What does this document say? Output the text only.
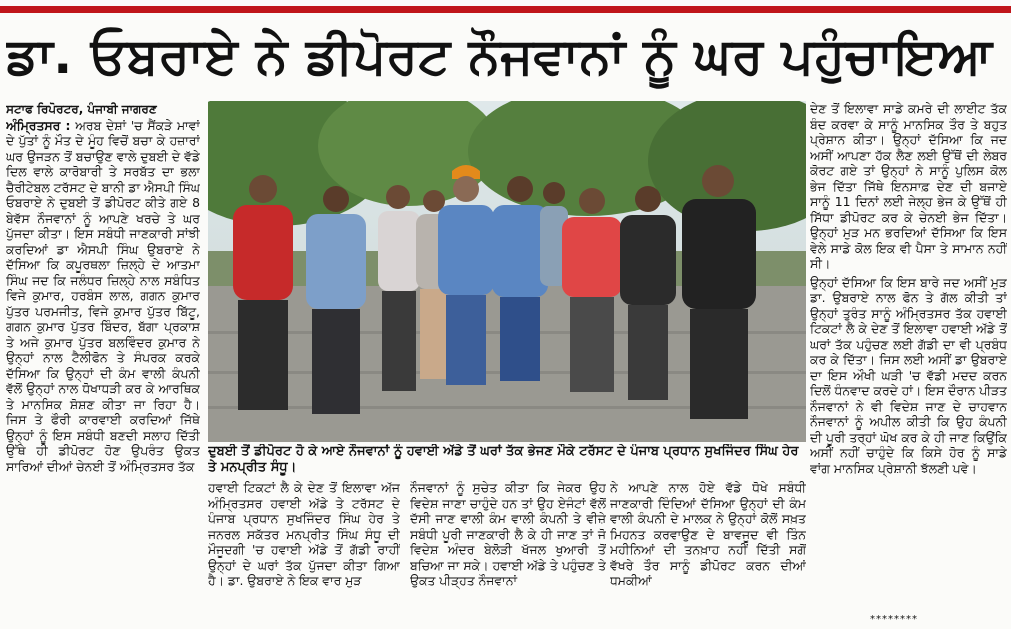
ਡਾ. ਓਬਰਾਏ ਨੇ ਡੀਪੋਰਟ ਨੌਜਵਾਨਾਂ ਨੂੰ ਘਰ ਪਹੁੰਚਾਇਆ

ਸਟਾਫ ਰਿਪੋਰਟਰ, ਪੰਜਾਬੀ ਜਾਗਰਣ
ਅੰਮ੍ਰਿਤਸਰ : ਅਰਬ ਦੇਸ਼ਾਂ 'ਚ ਸੈਂਕੜੇ ਮਾਵਾਂ ਦੇ ਪੁੱਤਾਂ ਨੂੰ ਮੌਤ ਦੇ ਮੂੰਹ ਵਿਚੋਂ ਬਚਾ ਕੇ ਹਜ਼ਾਰਾਂ ਘਰ ਉਜੜਨ ਤੋਂ ਬਚਾਉਣ ਵਾਲੇ ਦੁਬਈ ਦੇ ਵੱਡੇ ਦਿਲ ਵਾਲੇ ਕਾਰੋਬਾਰੀ ਤੇ ਸਰਬੱਤ ਦਾ ਭਲਾ ਚੈਰੀਟੇਬਲ ਟਰੱਸਟ ਦੇ ਬਾਨੀ ਡਾ ਐਸਪੀ ਸਿੰਘ ਓਬਰਾਏ ਨੇ ਦੁਬਈ ਤੋਂ ਡੀਪੋਰਟ ਕੀਤੇ ਗਏ 8 ਬੇਵੱਸ ਨੌਜਵਾਨਾਂ ਨੂੰ ਆਪਣੇ ਖਰਚੇ ਤੇ ਘਰ ਪੁੱਜਦਾ ਕੀਤਾ। ਇਸ ਸਬੰਧੀ ਜਾਣਕਾਰੀ ਸਾਂਝੀ ਕਰਦਿਆਂ ਡਾ ਐਸਪੀ ਸਿੰਘ ਉਬਰਾਏ ਨੇ ਦੱਸਿਆ ਕਿ ਕਪੂਰਥਲਾ ਜ਼ਿਲ੍ਹੇ ਦੇ ਆਤਮਾ ਸਿੰਘ ਜਦ ਕਿ ਜਲੰਧਰ ਜ਼ਿਲ੍ਹੇ ਨਾਲ ਸਬੰਧਿਤ ਵਿਜੇ ਕੁਮਾਰ, ਹਰਬੰਸ ਲਾਲ, ਗਗਨ ਕੁਮਾਰ ਪੁੱਤਰ ਪਰਮਜੀਤ, ਵਿਜੇ ਕੁਮਾਰ ਪੁੱਤਰ ਬਿੱਟੂ, ਗਗਨ ਕੁਮਾਰ ਪੁੱਤਰ ਬਿੰਦਰ, ਬੱਗਾ ਪ੍ਰਕਾਸ਼ ਤੇ ਅਜੇ ਕੁਮਾਰ ਪੁੱਤਰ ਬਲਵਿੰਦਰ ਕੁਮਾਰ ਨੇ ਉਨ੍ਹਾਂ ਨਾਲ ਟੈਲੀਫੋਨ ਤੇ ਸੰਪਰਕ ਕਰਕੇ ਦੱਸਿਆ ਕਿ ਉਨ੍ਹਾਂ ਦੀ ਕੰਮ ਵਾਲੀ ਕੰਪਨੀ ਵੱਲੋਂ ਉਨ੍ਹਾਂ ਨਾਲ ਧੋਖਾਧੜੀ ਕਰ ਕੇ ਆਰਥਿਕ ਤੇ ਮਾਨਸਿਕ ਸ਼ੋਸ਼ਣ ਕੀਤਾ ਜਾ ਰਿਹਾ ਹੈ। ਜਿਸ ਤੇ ਫੌਰੀ ਕਾਰਵਾਈ ਕਰਦਿਆਂ ਜਿੱਥੇ ਉਨ੍ਹਾਂ ਨੂੰ ਇਸ ਸਬੰਧੀ ਬਣਦੀ ਸਲਾਹ ਦਿੱਤੀ ਉੱਥੇ ਹੀ ਡੀਪੋਰਟ ਹੋਣ ਉਪਰੰਤ ਉਕਤ ਸਾਰਿਆਂ ਦੀਆਂ ਚੇਨਈ ਤੋਂ ਅੰਮ੍ਰਿਤਸਰ ਤੱਕ

ਦੁਬਈ ਤੋਂ ਡੀਪੋਰਟ ਹੋ ਕੇ ਆਏ ਨੌਜਵਾਨਾਂ ਨੂੰ ਹਵਾਈ ਅੱਡੇ ਤੋਂ ਘਰਾਂ ਤੱਕ ਭੇਜਣ ਮੌਕੇ ਟਰੱਸਟ ਦੇ ਪੰਜਾਬ ਪ੍ਰਧਾਨ ਸੁਖਜਿੰਦਰ ਸਿੰਘ ਹੇਰ ਤੇ ਮਨਪ੍ਰੀਤ ਸੰਧੂ।

ਹਵਾਈ ਟਿਕਟਾਂ ਲੈ ਕੇ ਦੇਣ ਤੋਂ ਇਲਾਵਾ ਅੱਜ ਅੰਮ੍ਰਿਤਸਰ ਹਵਾਈ ਅੱਡੇ ਤੇ ਟਰੱਸਟ ਦੇ ਪੰਜਾਬ ਪ੍ਰਧਾਨ ਸੁਖਜਿੰਦਰ ਸਿੰਘ ਹੇਰ ਤੇ ਜਨਰਲ ਸਕੱਤਰ ਮਨਪ੍ਰੀਤ ਸਿੰਘ ਸੰਧੂ ਦੀ ਮੌਜੂਦਗੀ 'ਚ ਹਵਾਈ ਅੱਡੇ ਤੋਂ ਗੱਡੀ ਰਾਹੀਂ ਉਨ੍ਹਾਂ ਦੇ ਘਰਾਂ ਤੱਕ ਪੁੱਜਦਾ ਕੀਤਾ ਗਿਆ ਹੈ। ਡਾ. ਉਬਰਾਏ ਨੇ ਇਕ ਵਾਰ ਮੁੜ

ਨੌਜਵਾਨਾਂ ਨੂੰ ਸੁਚੇਤ ਕੀਤਾ ਕਿ ਜੇਕਰ ਉਹ ਵਿਦੇਸ਼ ਜਾਣਾ ਚਾਹੁੰਦੇ ਹਨ ਤਾਂ ਉਹ ਏਜੰਟਾਂ ਵੱਲੋਂ ਦੱਸੀ ਜਾਣ ਵਾਲੀ ਕੰਮ ਵਾਲੀ ਕੰਪਨੀ ਤੇ ਵੀਜ਼ੇ ਸਬੰਧੀ ਪੂਰੀ ਜਾਣਕਾਰੀ ਲੈ ਕੇ ਹੀ ਜਾਣ ਤਾਂ ਜੋ ਵਿਦੇਸ਼ ਅੰਦਰ ਬੇਲੋੜੀ ਖੱਜਲ ਖੁਆਰੀ ਤੋਂ ਬਚਿਆ ਜਾ ਸਕੇ। ਹਵਾਈ ਅੱਡੇ ਤੇ ਪਹੁੰਚਣ ਤੇ ਉਕਤ ਪੀੜ੍ਹਤ ਨੌਜਵਾਨਾਂ

ਨੇ ਆਪਣੇ ਨਾਲ ਹੋਏ ਵੱਡੇ ਧੋਖੇ ਸਬੰਧੀ ਜਾਣਕਾਰੀ ਦਿੰਦਿਆਂ ਦੱਸਿਆ ਉਨ੍ਹਾਂ ਦੀ ਕੰਮ ਵਾਲੀ ਕੰਪਨੀ ਦੇ ਮਾਲਕ ਨੇ ਉਨ੍ਹਾਂ ਕੋਲੋਂ ਸਖ਼ਤ ਮਿਹਨਤ ਕਰਵਾਉਣ ਦੇ ਬਾਵਜੂਦ ਵੀ ਤਿੰਨ ਮਹੀਨਿਆਂ ਦੀ ਤਨਖ਼ਾਹ ਨਹੀਂ ਦਿੱਤੀ ਸਗੋਂ ਵੱਖਰੇ ਤੌਰ ਸਾਨੂੰ ਡੀਪੋਰਟ ਕਰਨ ਦੀਆਂ ਧਮਕੀਆਂ

ਦੇਣ ਤੋਂ ਇਲਾਵਾ ਸਾਡੇ ਕਮਰੇ ਦੀ ਲਾਈਟ ਤੱਕ ਬੰਦ ਕਰਵਾ ਕੇ ਸਾਨੂੰ ਮਾਨਸਿਕ ਤੌਰ ਤੇ ਬਹੁਤ ਪ੍ਰੇਸ਼ਾਨ ਕੀਤਾ। ਉਨ੍ਹਾਂ ਦੱਸਿਆ ਕਿ ਜਦ ਅਸੀਂ ਆਪਣਾ ਹੱਕ ਲੈਣ ਲਈ ਉੱਥੋਂ ਦੀ ਲੇਬਰ ਕੋਰਟ ਗਏ ਤਾਂ ਉਨ੍ਹਾਂ ਨੇ ਸਾਨੂੰ ਪੁਲਿਸ ਕੋਲ ਭੇਜ ਦਿੱਤਾ ਜਿੱਥੇ ਇਨਸਾਫ਼ ਦੇਣ ਦੀ ਬਜਾਏ ਸਾਨੂੰ 11 ਦਿਨਾਂ ਲਈ ਜੇਲ੍ਹ ਭੇਜ ਕੇ ਉੱਥੋਂ ਹੀ ਸਿੱਧਾ ਡੀਪੋਰਟ ਕਰ ਕੇ ਚੇਨਈ ਭੇਜ ਦਿੱਤਾ। ਉਨ੍ਹਾਂ ਮੁੜ ਮਨ ਭਰਦਿਆਂ ਦੱਸਿਆ ਕਿ ਇਸ ਵੇਲੇ ਸਾਡੇ ਕੋਲ ਇਕ ਵੀ ਪੈਸਾ ਤੇ ਸਾਮਾਨ ਨਹੀਂ ਸੀ।

ਉਨ੍ਹਾਂ ਦੱਸਿਆ ਕਿ ਇਸ ਬਾਰੇ ਜਦ ਅਸੀਂ ਮੁੜ ਡਾ. ਉਬਰਾਏ ਨਾਲ ਫੋਨ ਤੇ ਗੱਲ ਕੀਤੀ ਤਾਂ ਉਨ੍ਹਾਂ ਤੁਰੰਤ ਸਾਨੂੰ ਅੰਮ੍ਰਿਤਸਰ ਤੱਕ ਹਵਾਈ ਟਿਕਟਾਂ ਲੈ ਕੇ ਦੇਣ ਤੋਂ ਇਲਾਵਾ ਹਵਾਈ ਅੱਡੇ ਤੋਂ ਘਰਾਂ ਤੱਕ ਪਹੁੰਚਣ ਲਈ ਗੱਡੀ ਦਾ ਵੀ ਪ੍ਰਬੰਧ ਕਰ ਕੇ ਦਿੱਤਾ। ਜਿਸ ਲਈ ਅਸੀਂ ਡਾ ਉਬਰਾਏ ਦਾ ਇਸ ਔਖੀ ਘੜੀ 'ਚ ਵੱਡੀ ਮਦਦ ਕਰਨ ਦਿਲੋਂ ਧੰਨਵਾਦ ਕਰਦੇ ਹਾਂ। ਇਸ ਦੌਰਾਨ ਪੀੜਤ ਨੌਜਵਾਨਾਂ ਨੇ ਵੀ ਵਿਦੇਸ਼ ਜਾਣ ਦੇ ਚਾਹਵਾਨ ਨੌਜਵਾਨਾਂ ਨੂੰ ਅਪੀਲ ਕੀਤੀ ਕਿ ਉਹ ਕੰਪਨੀ ਦੀ ਪੂਰੀ ਤਰ੍ਹਾਂ ਘੋਖ ਕਰ ਕੇ ਹੀ ਜਾਣ ਕਿਉਂਕਿ ਅਸੀਂ ਨਹੀਂ ਚਾਹੁੰਦੇ ਕਿ ਕਿਸੇ ਹੋਰ ਨੂੰ ਸਾਡੇ ਵਾਂਗ ਮਾਨਸਿਕ ਪ੍ਰੇਸ਼ਾਨੀ ਝੱਲਣੀ ਪਵੇ।

********
